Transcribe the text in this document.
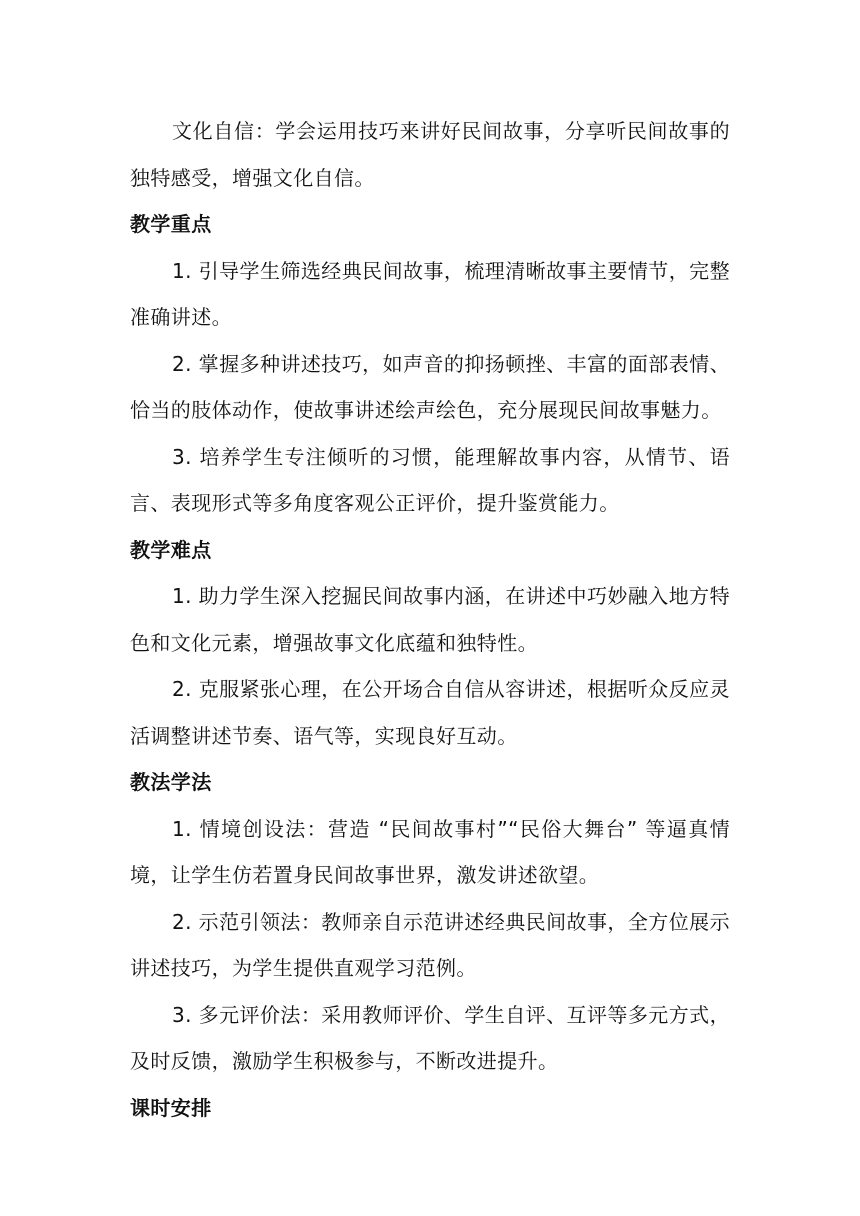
文化自信：学会运用技巧来讲好民间故事，分享听民间故事的独特感受，增强文化自信。

教学重点

1. 引导学生筛选经典民间故事，梳理清晰故事主要情节，完整准确讲述。

2. 掌握多种讲述技巧，如声音的抑扬顿挫、丰富的面部表情、恰当的肢体动作，使故事讲述绘声绘色，充分展现民间故事魅力。

3. 培养学生专注倾听的习惯，能理解故事内容，从情节、语言、表现形式等多角度客观公正评价，提升鉴赏能力。

教学难点

1. 助力学生深入挖掘民间故事内涵，在讲述中巧妙融入地方特色和文化元素，增强故事文化底蕴和独特性。

2. 克服紧张心理，在公开场合自信从容讲述，根据听众反应灵活调整讲述节奏、语气等，实现良好互动。

教法学法

1. 情境创设法：营造 “民间故事村”“民俗大舞台” 等逼真情境，让学生仿若置身民间故事世界，激发讲述欲望。

2. 示范引领法：教师亲自示范讲述经典民间故事，全方位展示讲述技巧，为学生提供直观学习范例。

3. 多元评价法：采用教师评价、学生自评、互评等多元方式，及时反馈，激励学生积极参与，不断改进提升。

课时安排
